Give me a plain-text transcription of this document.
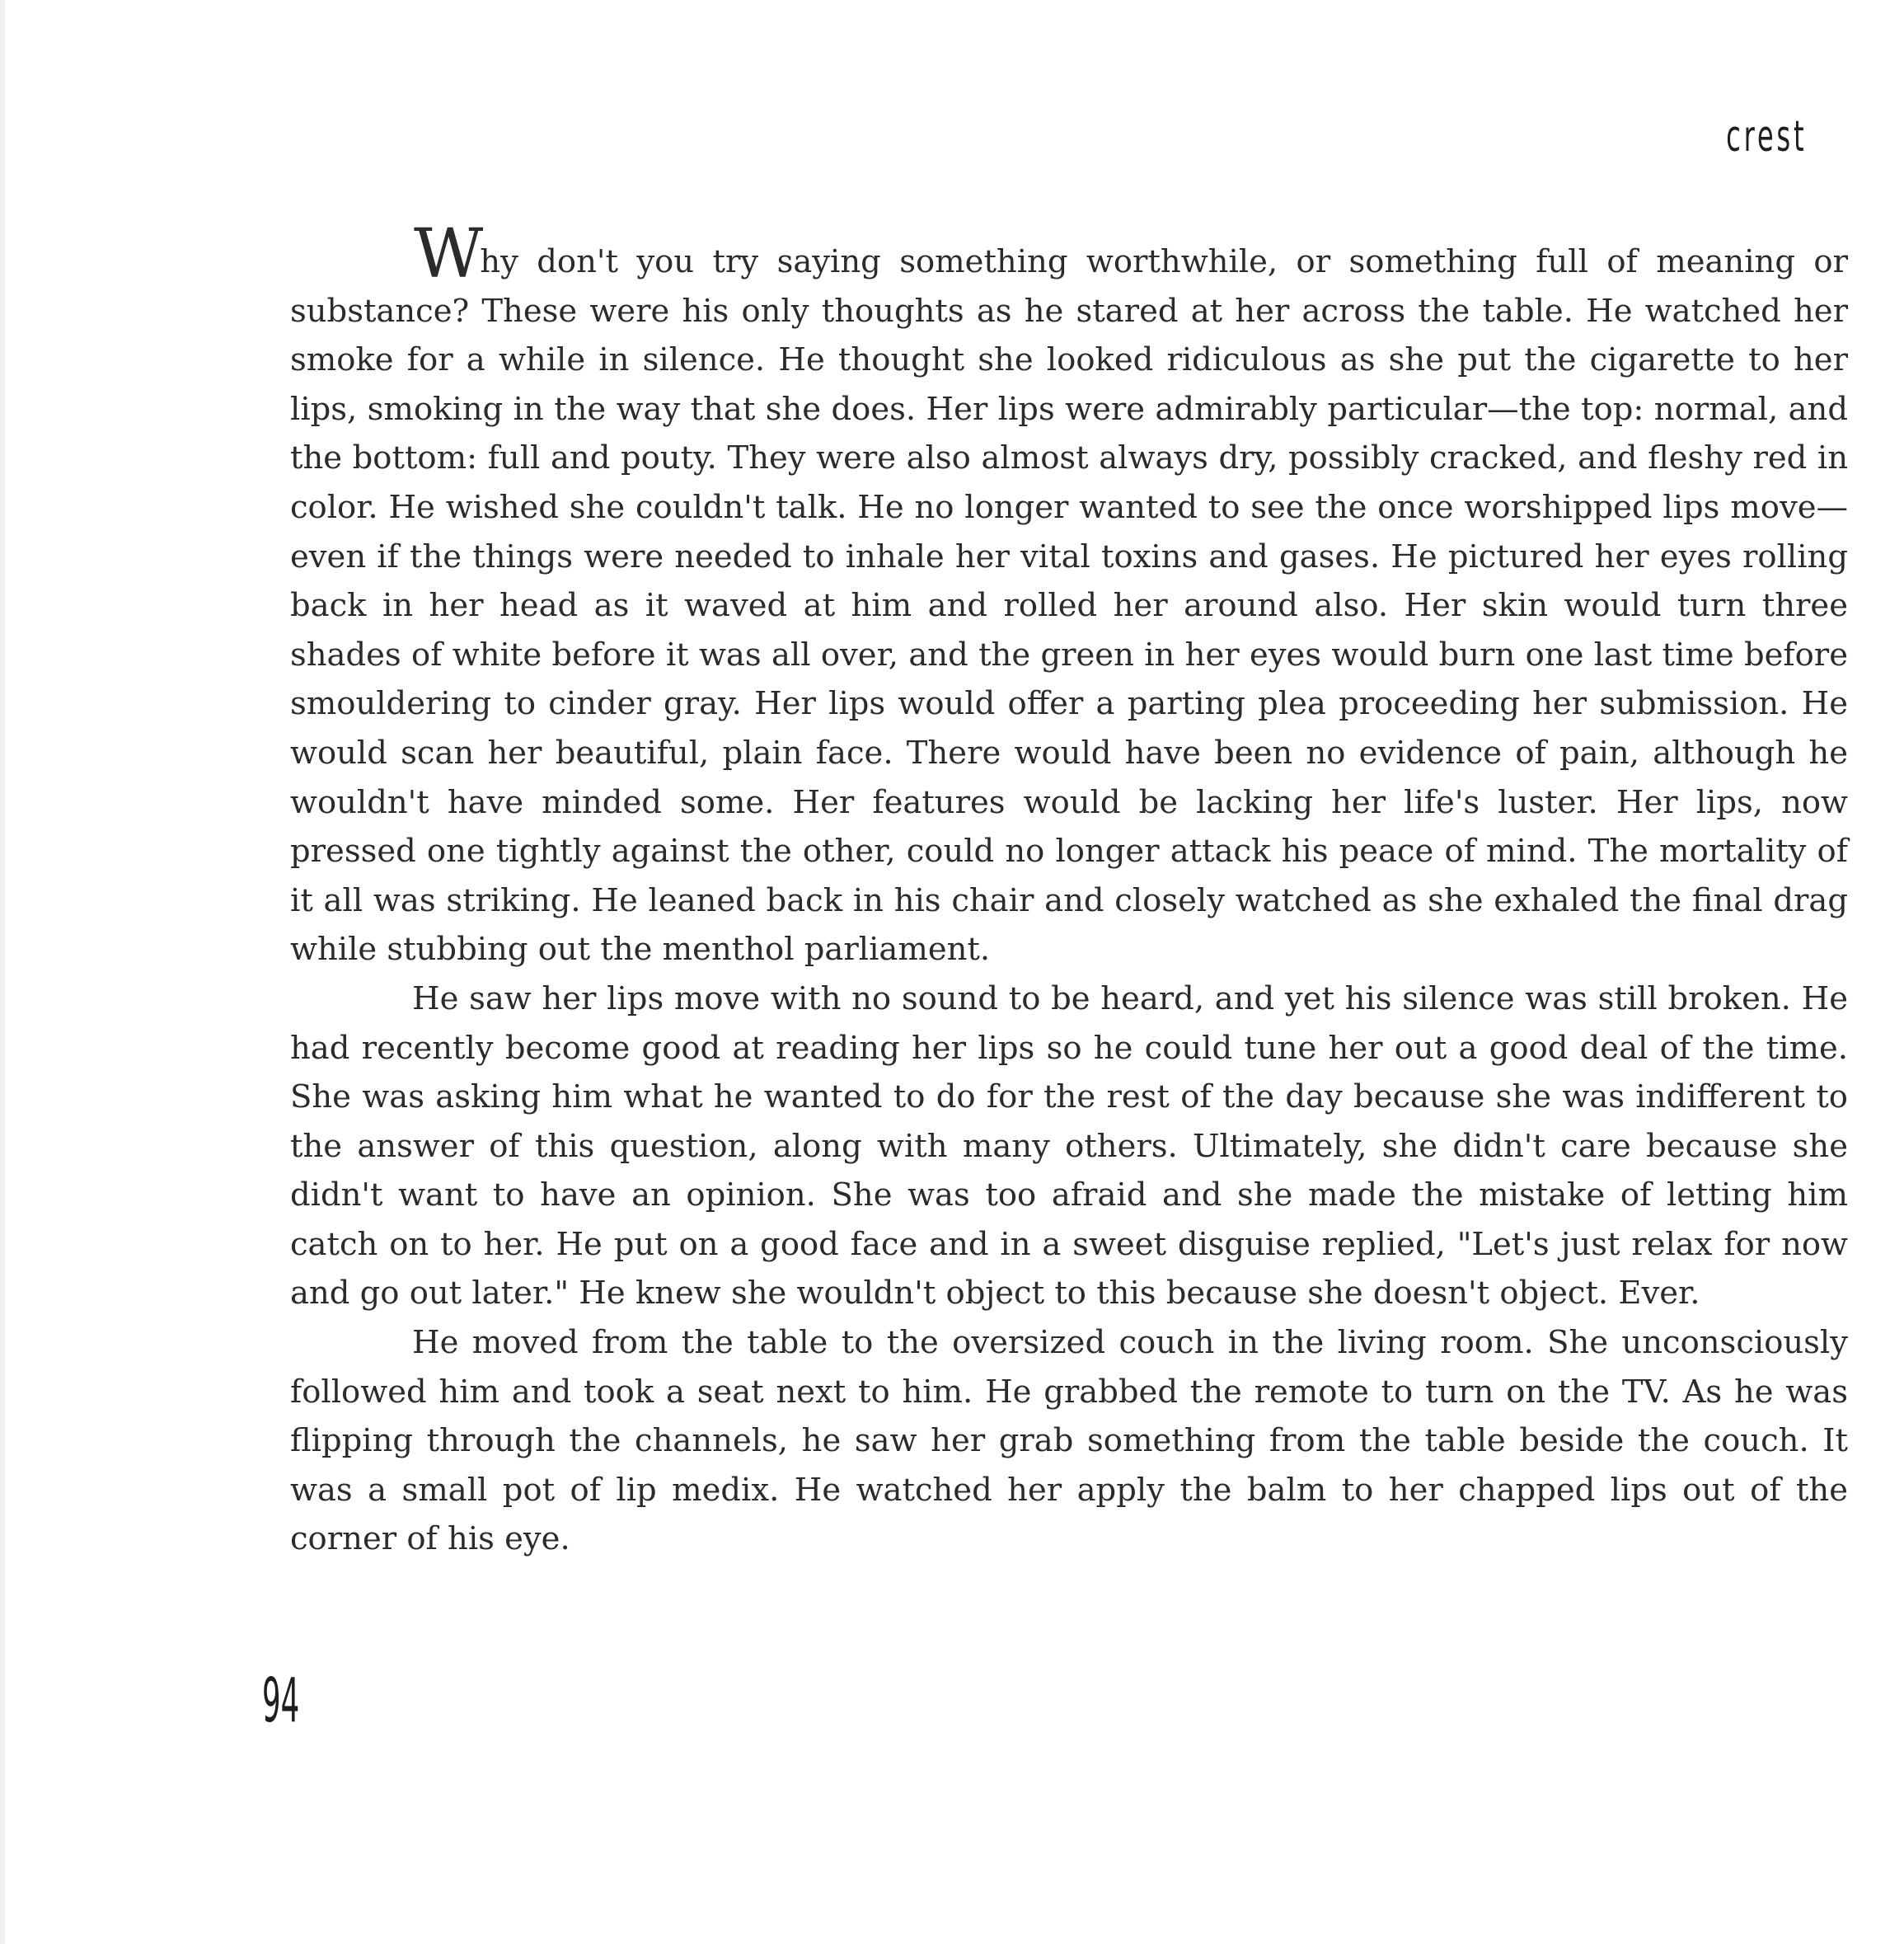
crest

Why don't you try saying something worthwhile, or something full of meaning or substance? These were his only thoughts as he stared at her across the table. He watched her smoke for a while in silence. He thought she looked ridiculous as she put the cigarette to her lips, smoking in the way that she does. Her lips were admirably particular—the top: normal, and the bottom: full and pouty. They were also almost always dry, possibly cracked, and fleshy red in color. He wished she couldn't talk. He no longer wanted to see the once worshipped lips move—even if the things were needed to inhale her vital toxins and gases. He pictured her eyes rolling back in her head as it waved at him and rolled her around also. Her skin would turn three shades of white before it was all over, and the green in her eyes would burn one last time before smouldering to cinder gray. Her lips would offer a parting plea proceeding her submission. He would scan her beautiful, plain face. There would have been no evidence of pain, although he wouldn't have minded some. Her features would be lacking her life's luster. Her lips, now pressed one tightly against the other, could no longer attack his peace of mind. The mortality of it all was striking. He leaned back in his chair and closely watched as she exhaled the final drag while stubbing out the menthol parliament.

He saw her lips move with no sound to be heard, and yet his silence was still broken. He had recently become good at reading her lips so he could tune her out a good deal of the time. She was asking him what he wanted to do for the rest of the day because she was indifferent to the answer of this question, along with many others. Ultimately, she didn't care because she didn't want to have an opinion. She was too afraid and she made the mistake of letting him catch on to her. He put on a good face and in a sweet disguise replied, "Let's just relax for now and go out later." He knew she wouldn't object to this because she doesn't object. Ever.

He moved from the table to the oversized couch in the living room. She unconsciously followed him and took a seat next to him. He grabbed the remote to turn on the TV. As he was flipping through the channels, he saw her grab something from the table beside the couch. It was a small pot of lip medix. He watched her apply the balm to her chapped lips out of the corner of his eye.

94
